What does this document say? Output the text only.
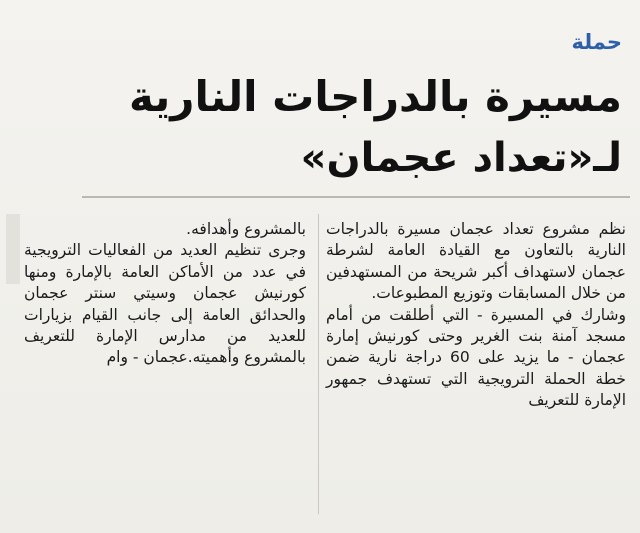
حملة
مسيرة بالدراجات النارية
لـ«تعداد عجمان»

نظم مشروع تعداد عجمان مسيرة بالدراجات النارية بالتعاون مع القيادة العامة لشرطة عجمان لاستهداف أكبر شريحة من المستهدفين من خلال المسابقات وتوزيع المطبوعات.

وشارك في المسيرة - التي أطلقت من أمام مسجد آمنة بنت الغرير وحتى كورنيش إمارة عجمان - ما يزيد على 60 دراجة نارية ضمن خطة الحملة الترويجية التي تستهدف جمهور الإمارة للتعريف

بالمشروع وأهدافه.

وجرى تنظيم العديد من الفعاليات الترويجية في عدد من الأماكن العامة بالإمارة ومنها كورنيش عجمان وسيتي سنتر عجمان والحدائق العامة إلى جانب القيام بزيارات للعديد من مدارس الإمارة للتعريف بالمشروع وأهميته.عجمان - وام
